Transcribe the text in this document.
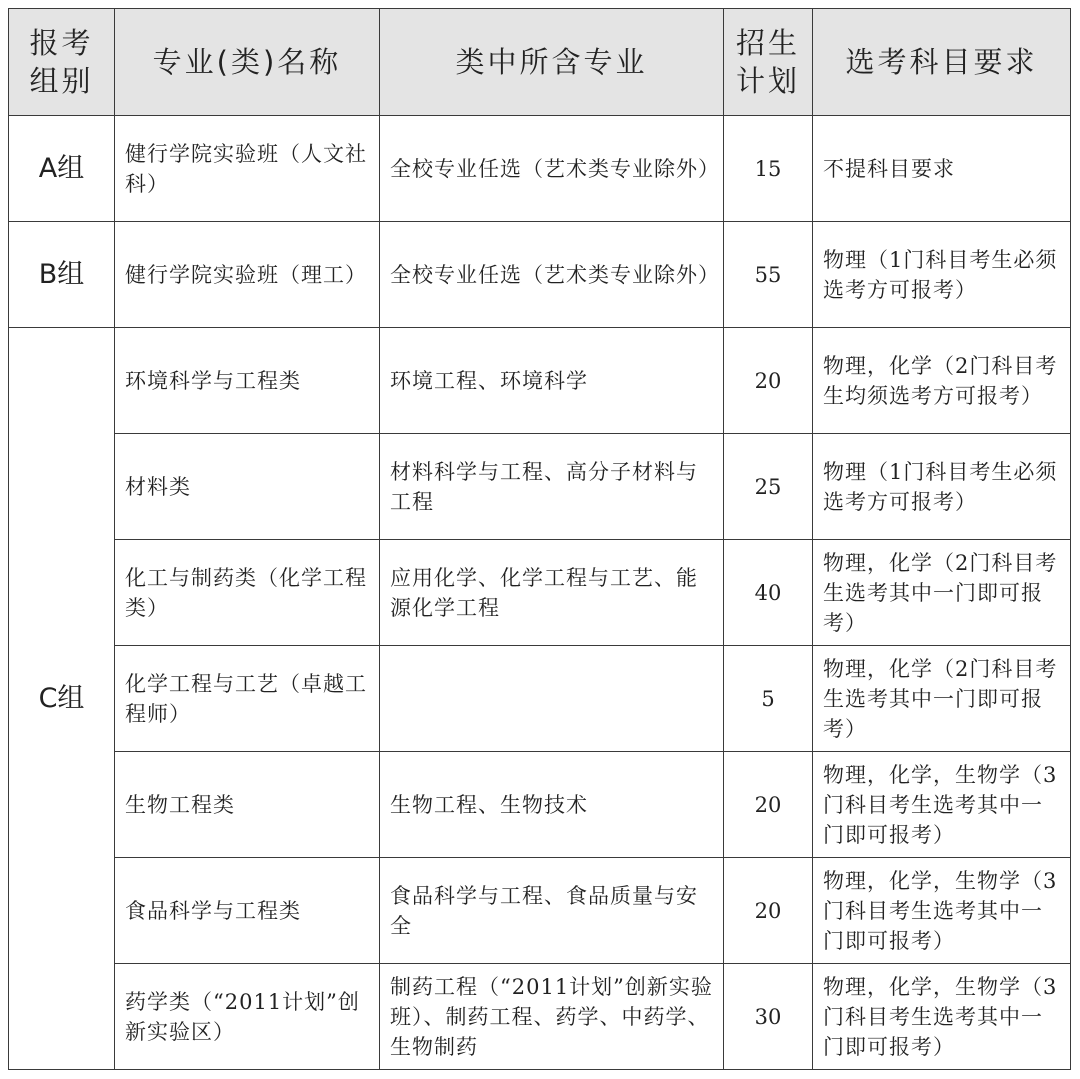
报考组别	专业(类)名称	类中所含专业	招生计划	选考科目要求
A组	健行学院实验班（人文社科）	全校专业任选（艺术类专业除外）	15	不提科目要求
B组	健行学院实验班（理工）	全校专业任选（艺术类专业除外）	55	物理（1门科目考生必须选考方可报考）
C组	环境科学与工程类	环境工程、环境科学	20	物理，化学（2门科目考生均须选考方可报考）
	材料类	材料科学与工程、高分子材料与工程	25	物理（1门科目考生必须选考方可报考）
	化工与制药类（化学工程类）	应用化学、化学工程与工艺、能源化学工程	40	物理，化学（2门科目考生选考其中一门即可报考）
	化学工程与工艺（卓越工程师）		5	物理，化学（2门科目考生选考其中一门即可报考）
	生物工程类	生物工程、生物技术	20	物理，化学，生物学（3门科目考生选考其中一门即可报考）
	食品科学与工程类	食品科学与工程、食品质量与安全	20	物理，化学，生物学（3门科目考生选考其中一门即可报考）
	药学类（“2011计划”创新实验区）	制药工程（“2011计划”创新实验班）、制药工程、药学、中药学、生物制药	30	物理，化学，生物学（3门科目考生选考其中一门即可报考）
